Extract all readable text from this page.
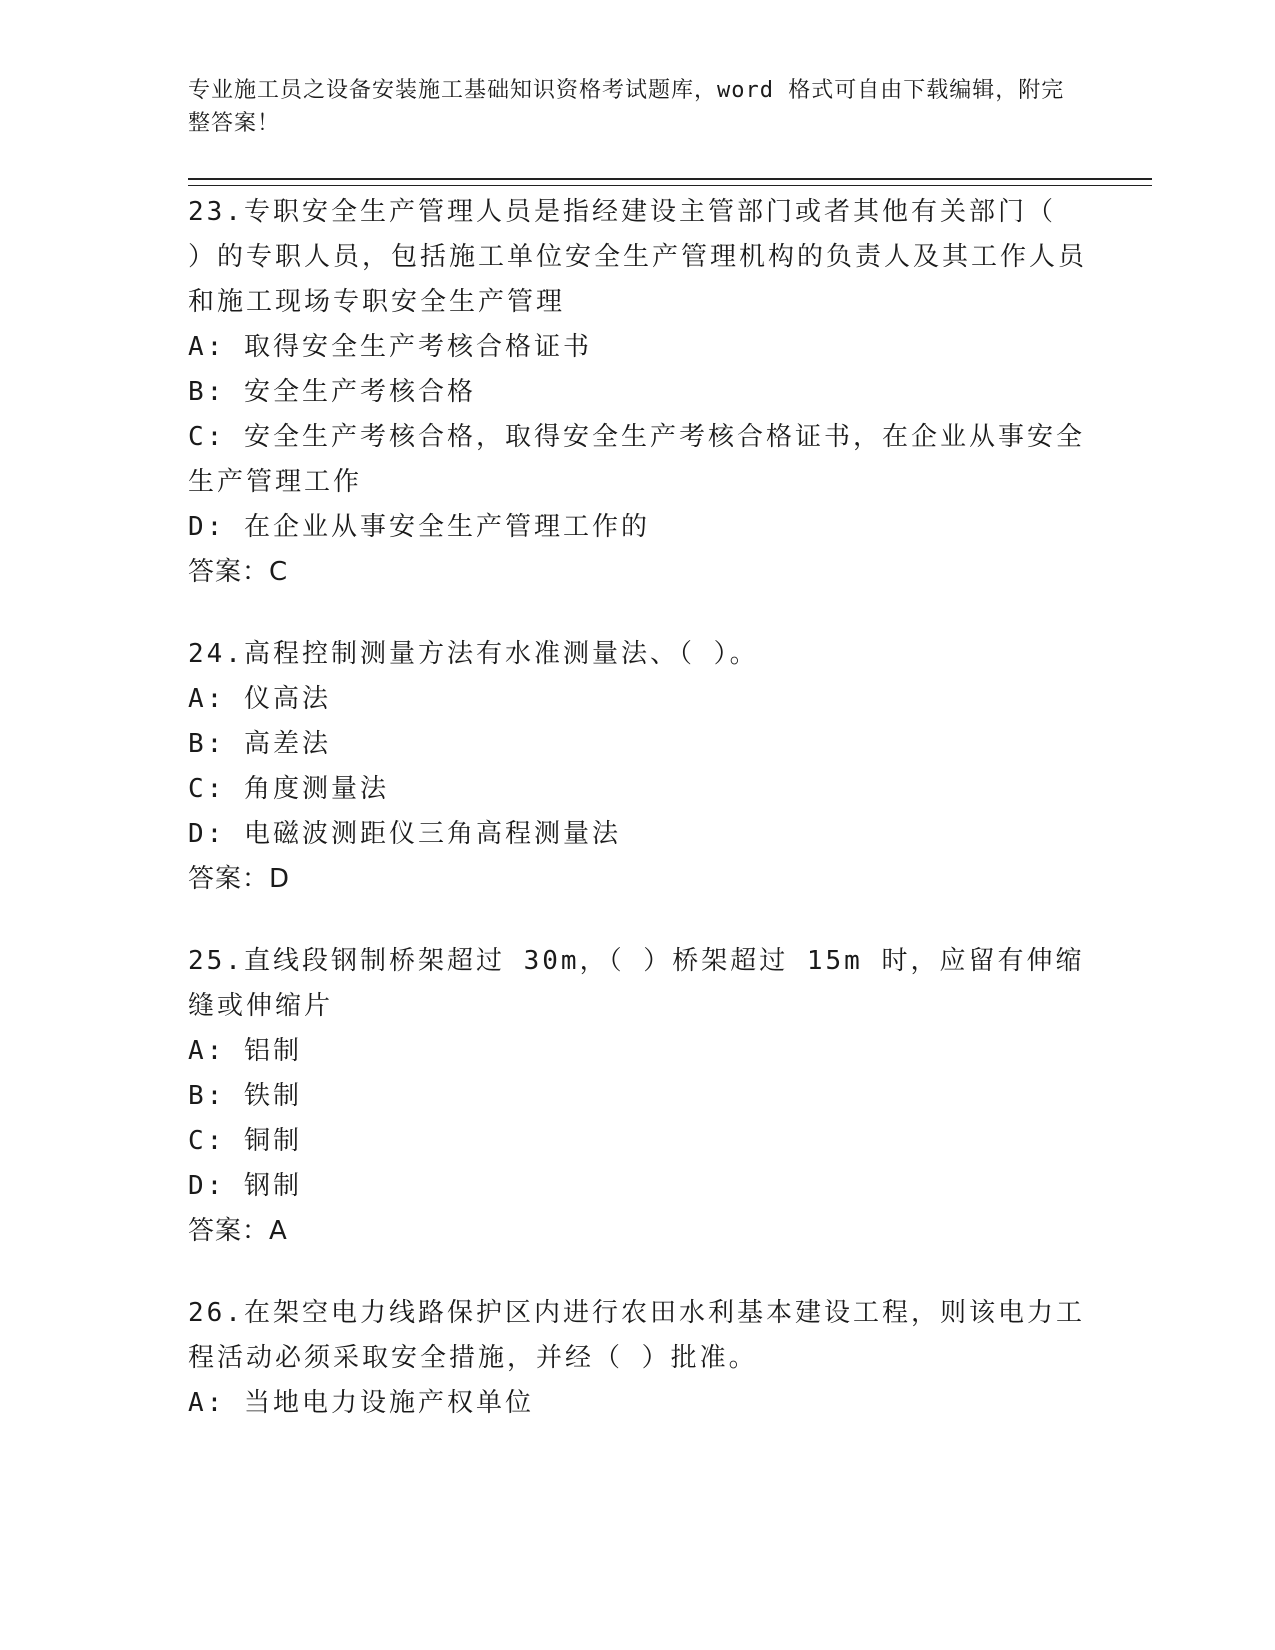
专业施工员之设备安装施工基础知识资格考试题库，word 格式可自由下载编辑，附完整答案！

23.专职安全生产管理人员是指经建设主管部门或者其他有关部门（ ）的专职人员，包括施工单位安全生产管理机构的负责人及其工作人员和施工现场专职安全生产管理

A: 取得安全生产考核合格证书

B: 安全生产考核合格

C: 安全生产考核合格，取得安全生产考核合格证书，在企业从事安全生产管理工作

D: 在企业从事安全生产管理工作的

答案：C

24.高程控制测量方法有水准测量法、（ ）。

A: 仪高法

B: 高差法

C: 角度测量法

D: 电磁波测距仪三角高程测量法

答案：D

25.直线段钢制桥架超过 30m，（ ）桥架超过 15m 时，应留有伸缩缝或伸缩片

A: 铝制

B: 铁制

C: 铜制

D: 钢制

答案：A

26.在架空电力线路保护区内进行农田水利基本建设工程，则该电力工程活动必须采取安全措施，并经（ ）批准。

A: 当地电力设施产权单位
